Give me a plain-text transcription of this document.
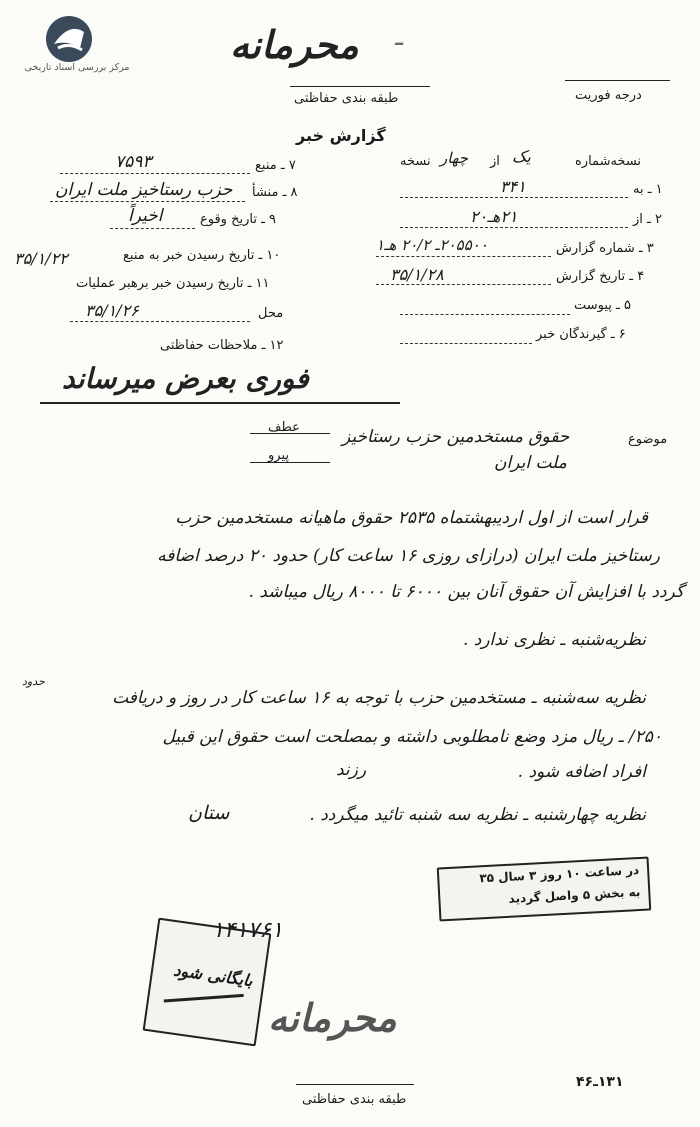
مرکز بررسی اسناد تاریخی
محرمانه ـ
طبقه بندی حفاظتی	درجه فوریت
گزارش خبر
نسخه چهار از یک	نسخه‌شماره
۱ ـ به
۳۴۱
۲ ـ از
۲۱هـ۲۰
۳ ـ شماره گزارش
۲۰۵۵۰۰ـ ۲۰/۲ هـ۱
۴ ـ تاریخ گزارش
۳۵/۱/۲۸
۵ ـ پیوست
۶ ـ گیرندگان خبر
۷ ـ منبع
۷۵۹۳
۸ ـ منشأ
حزب رستاخیز ملت ایران
۹ ـ تاریخ وقوع
اخیراً
۱۰ ـ تاریخ رسیدن خبر به منبع
۳۵/۱/۲۲
۱۱ ـ تاریخ رسیدن خبر برهبر عملیات
محل
۳۵/۱/۲۶
۱۲ ـ ملاحظات حفاظتی
فوری بعرض میرساند
عطف
پیرو
موضوع
حقوق مستخدمین حزب رستاخیز
ملت ایران
قرار است از اول اردیبهشتماه ۲۵۳۵ حقوق ماهیانه مستخدمین حزب
رستاخیز ملت ایران (درازای روزی ۱۶ ساعت کار) حدود ۲۰ درصد اضافه
گردد با افزایش آن حقوق آنان بین ۶۰۰۰ تا ۸۰۰۰ ریال میباشد .
نظریه‌شنبه ـ نظری ندارد .
حدود
نظریه سه‌شنبه ـ مستخدمین حزب با توجه به ۱۶ ساعت کار در روز و دریافت
۲۵۰/ ـ ریال مزد وضع نامطلوبی داشته و بمصلحت است حقوق این قبیل
افراد اضافه شود .
رزند
نظریه چهارشنبه ـ نظریه سه شنبه تائید میگردد .
ستان
در ساعت ۱۰ روز ۳ سال ۳۵
به بخش ۵ واصل گردید
۱۴۱۷۶۱
بایگانی شود
محرمانه
طبقه بندی حفاظتی
۱۳۱ـ۴۶
